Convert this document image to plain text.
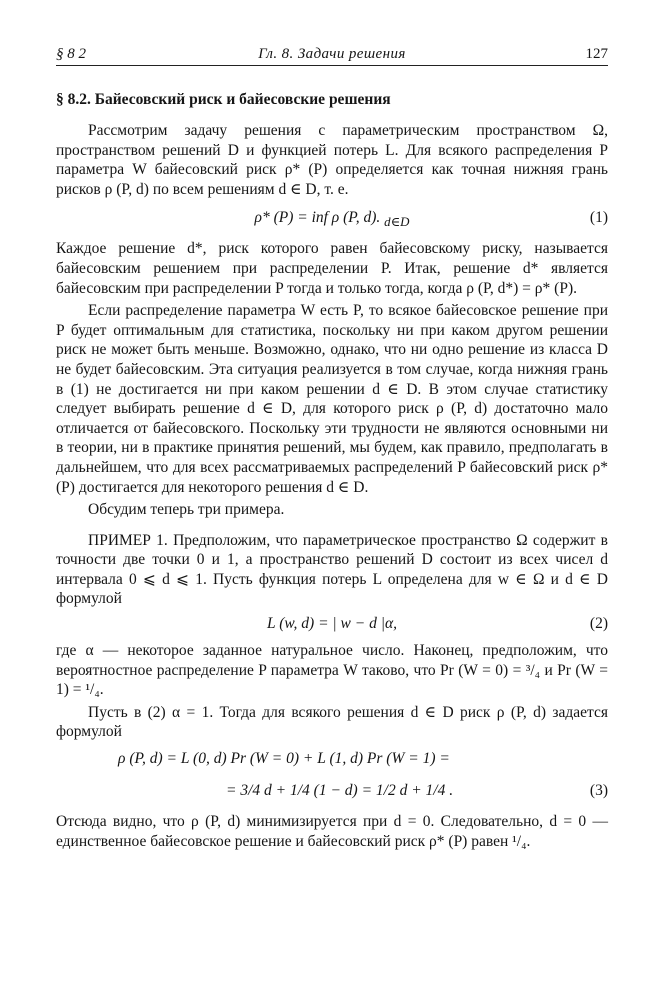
§ 8 2	Гл. 8. Задачи решения	127
§ 8.2. Байесовский риск и байесовские решения

Рассмотрим задачу решения с параметрическим пространством Ω, пространством решений D и функцией потерь L. Для всякого распределения P параметра W байесовский риск ρ* (P) определяется как точная нижняя грань рисков ρ (P, d) по всем решениям d ∈ D, т. е.

ρ* (P) = inf ρ (P, d). $_{d\in D}$	(1)

Каждое решение d*, риск которого равен байесовскому риску, называется байесовским решением при распределении P. Итак, решение d* является байесовским при распределении P тогда и только тогда, когда ρ (P, d*) = ρ* (P).

Если распределение параметра W есть P, то всякое байесовское решение при P будет оптимальным для статистика, поскольку ни при каком другом решении риск не может быть меньше. Возможно, однако, что ни одно решение из класса D не будет байесовским. Эта ситуация реализуется в том случае, когда нижняя грань в (1) не достигается ни при каком решении d ∈ D. В этом случае статистику следует выбирать решение d ∈ D, для которого риск ρ (P, d) достаточно мало отличается от байесовского. Поскольку эти трудности не являются основными ни в теории, ни в практике принятия решений, мы будем, как правило, предполагать в дальнейшем, что для всех рассматриваемых распределений P байесовский риск ρ* (P) достигается для некоторого решения d ∈ D.

Обсудим теперь три примера.

ПРИМЕР 1. Предположим, что параметрическое пространство Ω содержит в точности две точки 0 и 1, а пространство решений D состоит из всех чисел d интервала 0 ⩽ d ⩽ 1. Пусть функция потерь L определена для w ∈ Ω и d ∈ D формулой

L (w, d) = | w − d |α,	(2)

где α — некоторое заданное натуральное число. Наконец, предположим, что вероятностное распределение P параметра W таково, что Pr (W = 0) = ³/₄ и Pr (W = 1) = ¹/₄.

Пусть в (2) α = 1. Тогда для всякого решения d ∈ D риск ρ (P, d) задается формулой

ρ (P, d) = L (0, d) Pr (W = 0) + L (1, d) Pr (W = 1) =
= 3/4 d + 1/4 (1 − d) = 1/2 d + 1/4 .	(3)

Отсюда видно, что ρ (P, d) минимизируется при d = 0. Следовательно, d = 0 — единственное байесовское решение и байесовский риск ρ* (P) равен ¹/₄.
